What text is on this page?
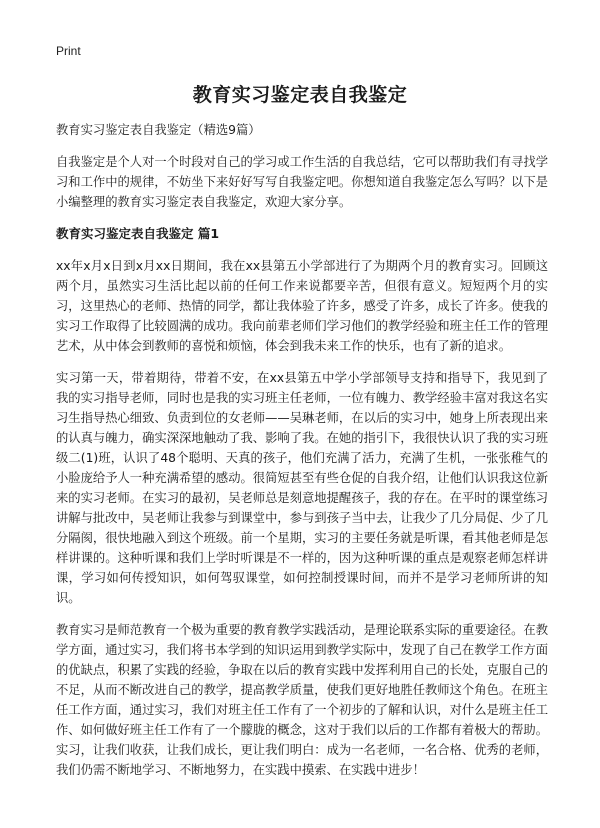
Print
教育实习鉴定表自我鉴定

教育实习鉴定表自我鉴定（精选9篇）

自我鉴定是个人对一个时段对自己的学习或工作生活的自我总结，它可以帮助我们有寻找学习和工作中的规律，不妨坐下来好好写写自我鉴定吧。你想知道自我鉴定怎么写吗？以下是小编整理的教育实习鉴定表自我鉴定，欢迎大家分享。

教育实习鉴定表自我鉴定 篇1

xx年x月x日到x月xx日期间，我在xx县第五小学部进行了为期两个月的教育实习。回顾这两个月，虽然实习生活比起以前的任何工作来说都要辛苦，但很有意义。短短两个月的实习，这里热心的老师、热情的同学，都让我体验了许多，感受了许多，成长了许多。使我的实习工作取得了比较圆满的成功。我向前辈老师们学习他们的教学经验和班主任工作的管理艺术，从中体会到教师的喜悦和烦恼，体会到我未来工作的快乐，也有了新的追求。

实习第一天，带着期待，带着不安，在xx县第五中学小学部领导支持和指导下，我见到了我的实习指导老师，同时也是我的实习班主任老师，一位有魄力、教学经验丰富对我这名实习生指导热心细致、负责到位的女老师——吴琳老师，在以后的实习中，她身上所表现出来的认真与魄力，确实深深地触动了我、影响了我。在她的指引下，我很快认识了我的实习班级二(1)班，认识了48个聪明、天真的孩子，他们充满了活力，充满了生机，一张张稚气的小脸庞给予人一种充满希望的感动。很简短甚至有些仓促的自我介绍，让他们认识我这位新来的实习老师。在实习的最初，吴老师总是刻意地提醒孩子，我的存在。在平时的课堂练习讲解与批改中，吴老师让我参与到课堂中，参与到孩子当中去，让我少了几分局促、少了几分隔阂，很快地融入到这个班级。前一个星期，实习的主要任务就是听课，看其他老师是怎样讲课的。这种听课和我们上学时听课是不一样的，因为这种听课的重点是观察老师怎样讲课，学习如何传授知识，如何驾驭课堂，如何控制授课时间，而并不是学习老师所讲的知识。

教育实习是师范教育一个极为重要的教育教学实践活动，是理论联系实际的重要途径。在教学方面，通过实习，我们将书本学到的知识运用到教学实际中，发现了自己在教学工作方面的优缺点，积累了实践的经验，争取在以后的教育实践中发挥利用自己的长处，克服自己的不足，从而不断改进自己的教学，提高教学质量，使我们更好地胜任教师这个角色。在班主任工作方面，通过实习，我们对班主任工作有了一个初步的了解和认识，对什么是班主任工作、如何做好班主任工作有了一个朦胧的概念，这对于我们以后的工作都有着极大的帮助。实习，让我们收获，让我们成长，更让我们明白：成为一名老师，一名合格、优秀的老师，我们仍需不断地学习、不断地努力，在实践中摸索、在实践中进步！
